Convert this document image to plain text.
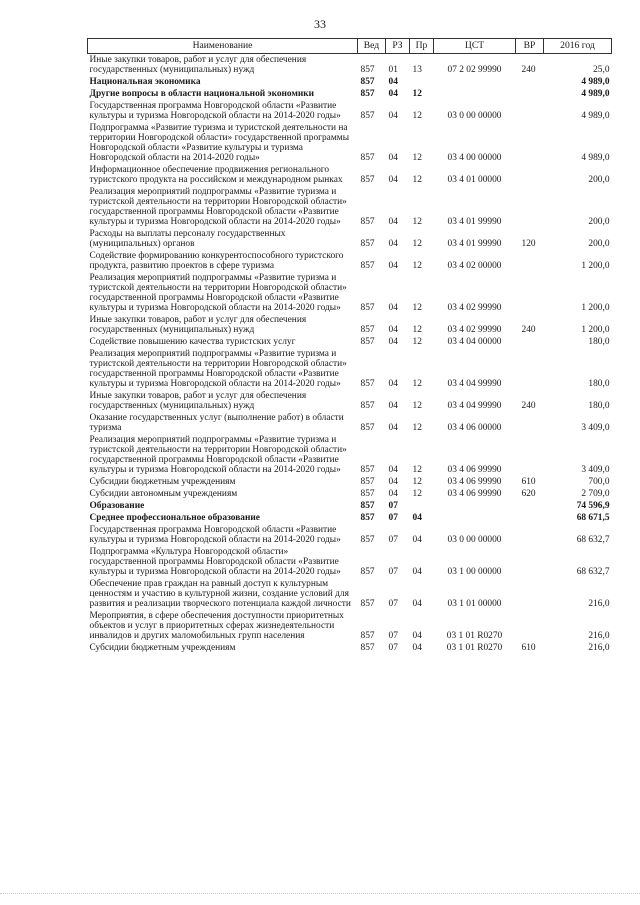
33
Наименование	Вед	РЗ	Пр	ЦСТ	ВР	2016 год
Иные закупки товаров, работ и услуг для обеспечения государственных (муниципальных) нужд	857	01	13	07 2 02 99990	240	25,0
Национальная экономика	857	04				4 989,0
Другие вопросы в области национальной экономики	857	04	12			4 989,0
Государственная программа Новгородской области «Развитие культуры и туризма Новгородской области на 2014-2020 годы»	857	04	12	03 0 00 00000		4 989,0
Подпрограмма «Развитие туризма и туристской деятельности на территории Новгородской области» государственной программы Новгородской области «Развитие культуры и туризма Новгородской области на 2014-2020 годы»	857	04	12	03 4 00 00000		4 989,0
Информационное обеспечение продвижения регионального туристского продукта на российском и международном рынках	857	04	12	03 4 01 00000		200,0
Реализация мероприятий подпрограммы «Развитие туризма и туристской деятельности на территории Новгородской области» государственной программы Новгородской области «Развитие культуры и туризма Новгородской области на 2014-2020 годы»	857	04	12	03 4 01 99990		200,0
Расходы на выплаты персоналу государственных (муниципальных) органов	857	04	12	03 4 01 99990	120	200,0
Содействие формированию конкурентоспособного туристского продукта, развитию проектов в сфере туризма	857	04	12	03 4 02 00000		1 200,0
Реализация мероприятий подпрограммы «Развитие туризма и туристской деятельности на территории Новгородской области» государственной программы Новгородской области «Развитие культуры и туризма Новгородской области на 2014-2020 годы»	857	04	12	03 4 02 99990		1 200,0
Иные закупки товаров, работ и услуг для обеспечения государственных (муниципальных) нужд	857	04	12	03 4 02 99990	240	1 200,0
Содействие повышению качества туристских услуг	857	04	12	03 4 04 00000		180,0
Реализация мероприятий подпрограммы «Развитие туризма и туристской деятельности на территории Новгородской области» государственной программы Новгородской области «Развитие культуры и туризма Новгородской области на 2014-2020 годы»	857	04	12	03 4 04 99990		180,0
Иные закупки товаров, работ и услуг для обеспечения государственных (муниципальных) нужд	857	04	12	03 4 04 99990	240	180,0
Оказание государственных услуг (выполнение работ) в области туризма	857	04	12	03 4 06 00000		3 409,0
Реализация мероприятий подпрограммы «Развитие туризма и туристской деятельности на территории Новгородской области» государственной программы Новгородской области «Развитие культуры и туризма Новгородской области на 2014-2020 годы»	857	04	12	03 4 06 99990		3 409,0
Субсидии бюджетным учреждениям	857	04	12	03 4 06 99990	610	700,0
Субсидии автономным учреждениям	857	04	12	03 4 06 99990	620	2 709,0
Образование	857	07				74 596,9
Среднее профессиональное образование	857	07	04			68 671,5
Государственная программа Новгородской области «Развитие культуры и туризма Новгородской области на 2014-2020 годы»	857	07	04	03 0 00 00000		68 632,7
Подпрограмма «Культура Новгородской области» государственной программы Новгородской области «Развитие культуры и туризма Новгородской области на 2014-2020 годы»	857	07	04	03 1 00 00000		68 632,7
Обеспечение прав граждан на равный доступ к культурным ценностям и участию в культурной жизни, создание условий для развития и реализации творческого потенциала каждой личности	857	07	04	03 1 01 00000		216,0
Мероприятия, в сфере обеспечения доступности приоритетных объектов и услуг в приоритетных сферах жизнедеятельности инвалидов и других маломобильных групп населения	857	07	04	03 1 01 R0270		216,0
Субсидии бюджетным учреждениям	857	07	04	03 1 01 R0270	610	216,0
